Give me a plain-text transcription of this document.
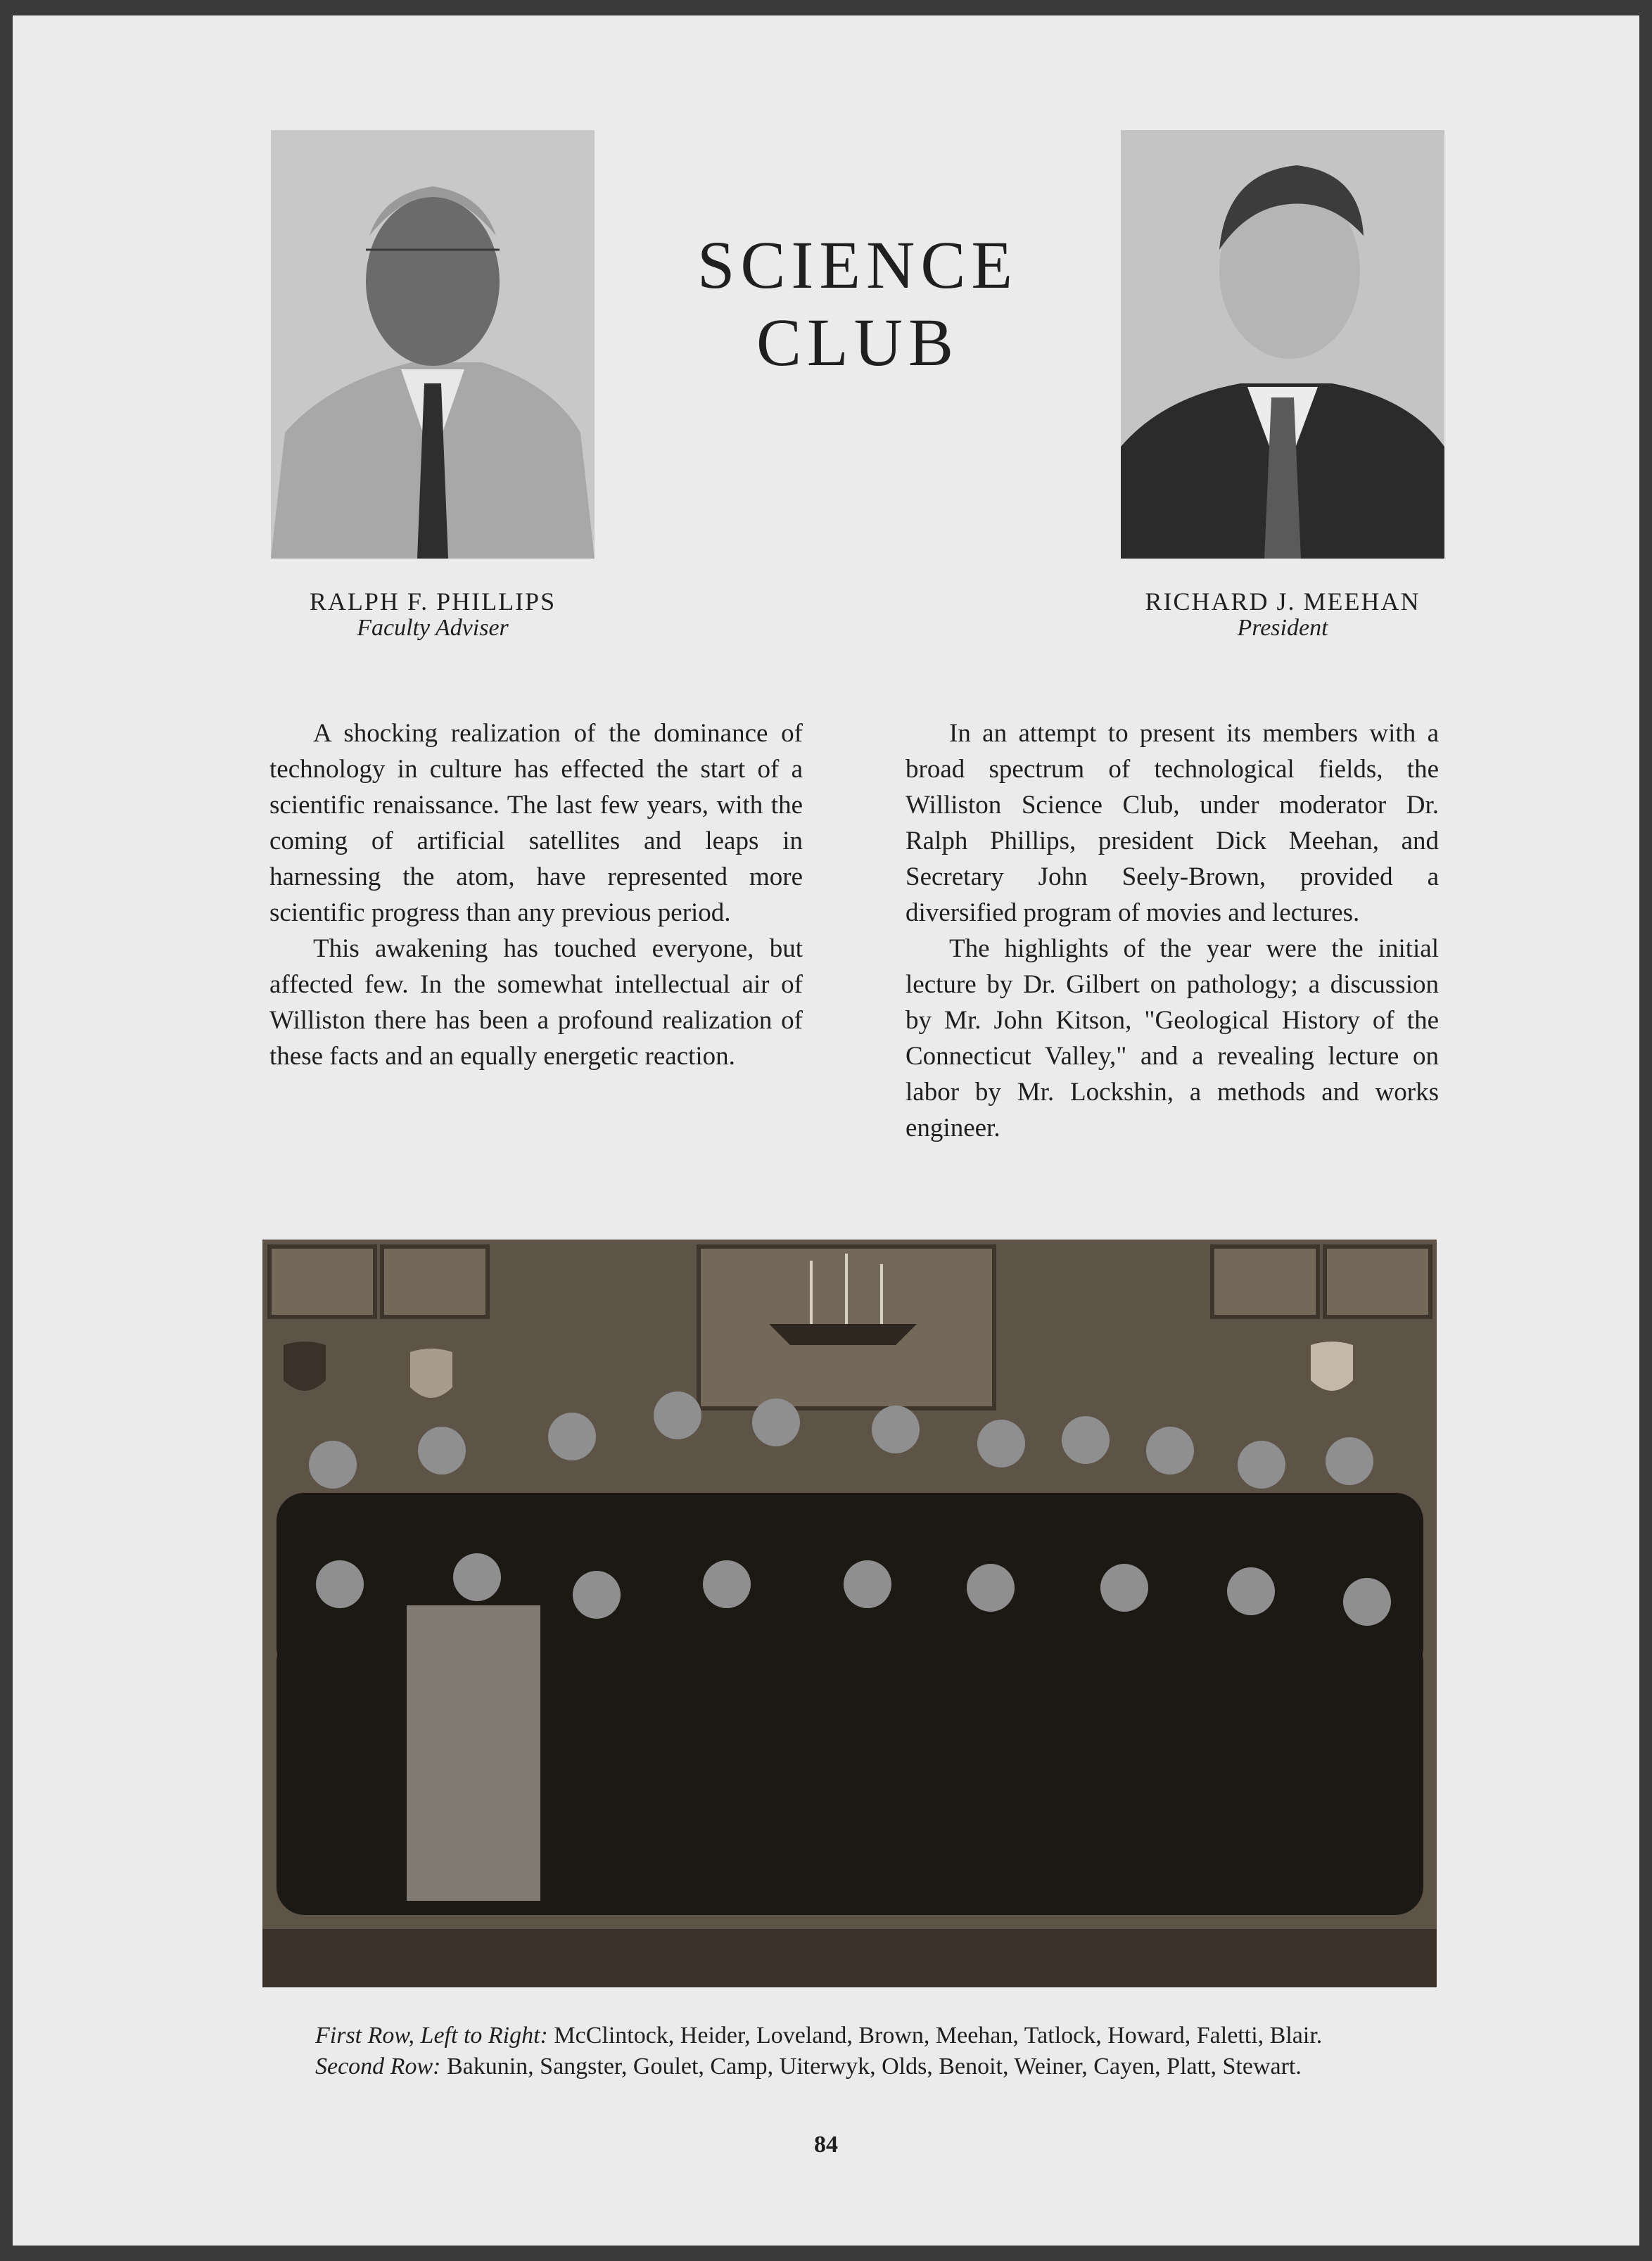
SCIENCE
CLUB
RALPH F. PHILLIPS
Faculty Adviser
RICHARD J. MEEHAN
President

A shocking realization of the dominance of technology in culture has effected the start of a scientific renaissance. The last few years, with the coming of artificial satellites and leaps in harnessing the atom, have represented more scientific progress than any previous period.

This awakening has touched everyone, but affected few. In the somewhat intellectual air of Williston there has been a profound realization of these facts and an equally energetic reaction.

In an attempt to present its members with a broad spectrum of technological fields, the Williston Science Club, under moderator Dr. Ralph Phillips, president Dick Meehan, and Secretary John Seely-Brown, provided a diversified program of movies and lectures.

The highlights of the year were the initial lecture by Dr. Gilbert on pathology; a discussion by Mr. John Kitson, "Geological History of the Connecticut Valley," and a revealing lecture on labor by Mr. Lockshin, a methods and works engineer.

First Row, Left to Right: McClintock, Heider, Loveland, Brown, Meehan, Tatlock, Howard, Faletti, Blair.

Second Row: Bakunin, Sangster, Goulet, Camp, Uiterwyk, Olds, Benoit, Weiner, Cayen, Platt, Stewart.

84
